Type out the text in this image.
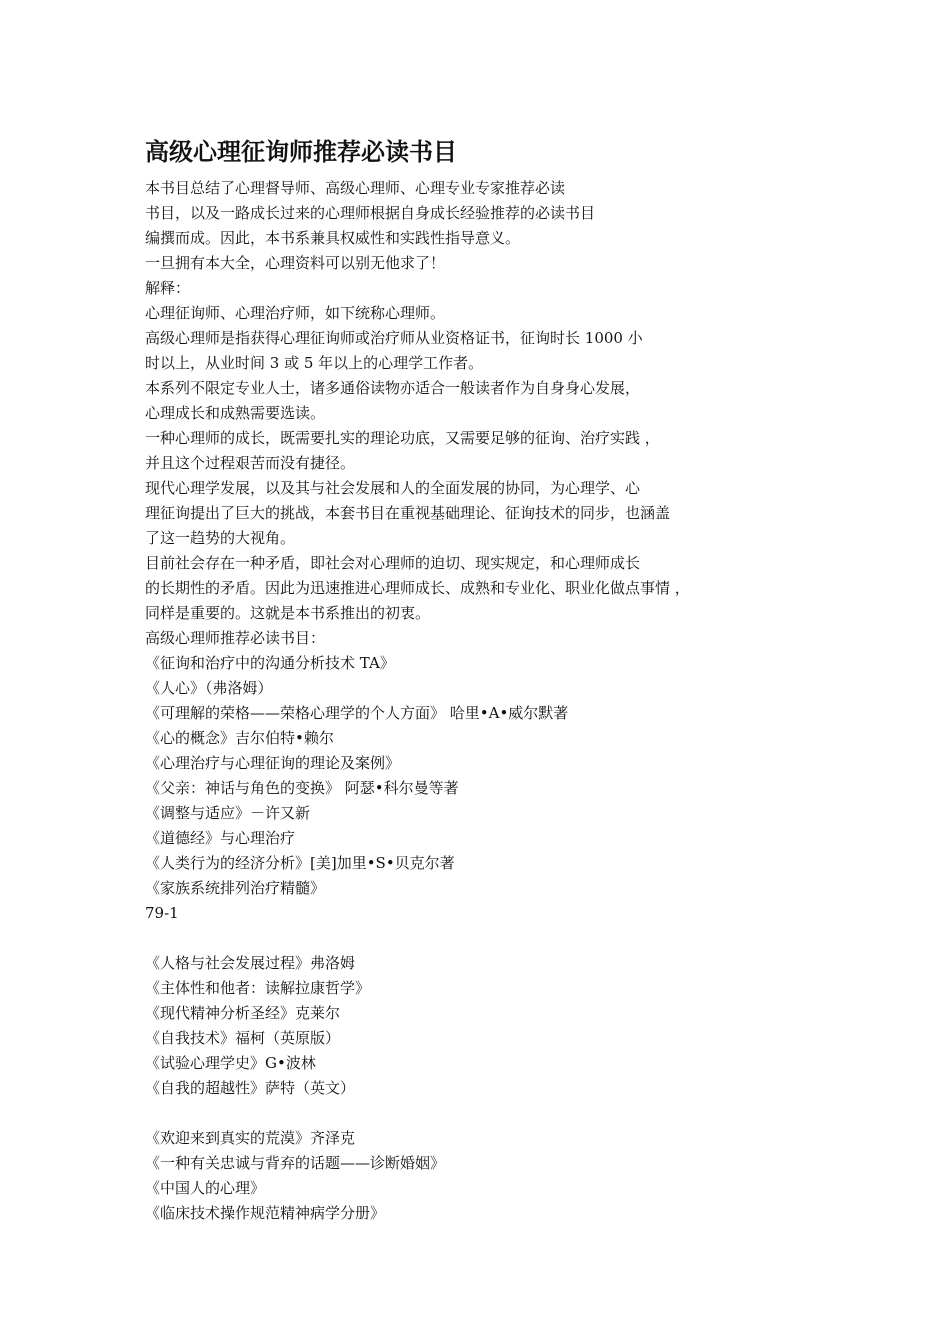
高级心理征询师推荐必读书目
本书目总结了心理督导师、高级心理师、心理专业专家推荐必读
书目，以及一路成长过来的心理师根据自身成长经验推荐的必读书目
编撰而成。因此，本书系兼具权威性和实践性指导意义。
一旦拥有本大全，心理资料可以别无他求了！
解释：
心理征询师、心理治疗师，如下统称心理师。
高级心理师是指获得心理征询师或治疗师从业资格证书，征询时长 1000 小
时以上，从业时间 3 或 5 年以上的心理学工作者。
本系列不限定专业人士，诸多通俗读物亦适合一般读者作为自身身心发展，
心理成长和成熟需要选读。
一种心理师的成长，既需要扎实的理论功底，又需要足够的征询、治疗实践 ，
并且这个过程艰苦而没有捷径。
现代心理学发展，以及其与社会发展和人的全面发展的协同，为心理学、心
理征询提出了巨大的挑战，本套书目在重视基础理论、征询技术的同步，也涵盖
了这一趋势的大视角。
目前社会存在一种矛盾，即社会对心理师的迫切、现实规定，和心理师成长
的长期性的矛盾。因此为迅速推进心理师成长、成熟和专业化、职业化做点事情 ，
同样是重要的。这就是本书系推出的初衷。
高级心理师推荐必读书目：
《征询和治疗中的沟通分析技术 TA》
《人心》（弗洛姆）
《可理解的荣格——荣格心理学的个人方面》 哈里•A•威尔默著
《心的概念》吉尔伯特•赖尔
《心理治疗与心理征询的理论及案例》
《父亲：神话与角色的变换》 阿瑟•科尔曼等著
《调整与适应》－许又新
《道德经》与心理治疗
《人类行为的经济分析》[美]加里•S•贝克尔著
《家族系统排列治疗精髓》
79-1
《人格与社会发展过程》弗洛姆
《主体性和他者：读解拉康哲学》
《现代精神分析圣经》克莱尔
《自我技术》福柯（英原版）
《试验心理学史》G•波林
《自我的超越性》萨特（英文）
《欢迎来到真实的荒漠》齐泽克
《一种有关忠诚与背弃的话题——诊断婚姻》
《中国人的心理》
《临床技术操作规范精神病学分册》
